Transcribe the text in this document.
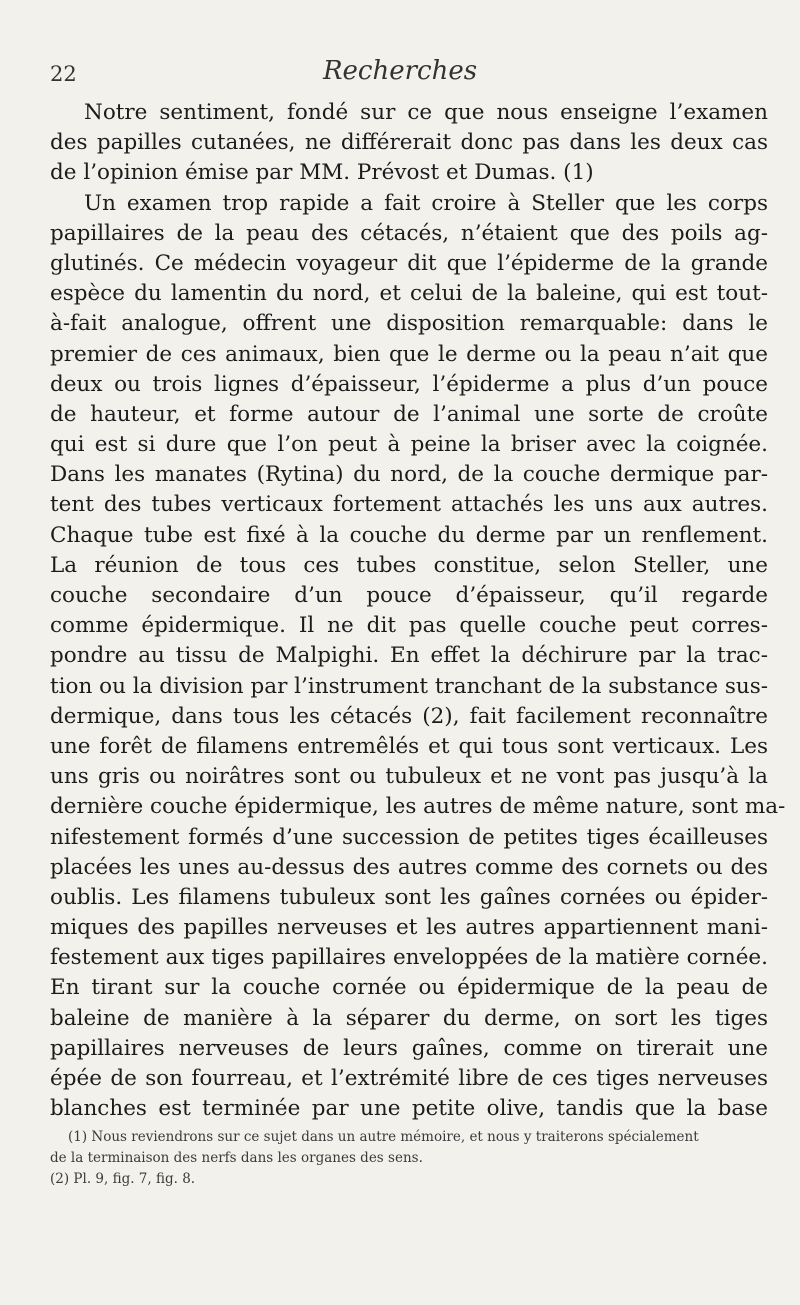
22	Recherches
Notre sentiment, fondé sur ce que nous enseigne l’examen
des papilles cutanées, ne différerait donc pas dans les deux cas
de l’opinion émise par MM. Prévost et Dumas. (1)
Un examen trop rapide a fait croire à Steller que les corps
papillaires de la peau des cétacés, n’étaient que des poils ag-
glutinés. Ce médecin voyageur dit que l’épiderme de la grande
espèce du lamentin du nord, et celui de la baleine, qui est tout-
à-fait analogue, offrent une disposition remarquable: dans le
premier de ces animaux, bien que le derme ou la peau n’ait que
deux ou trois lignes d’épaisseur, l’épiderme a plus d’un pouce
de hauteur, et forme autour de l’animal une sorte de croûte
qui est si dure que l’on peut à peine la briser avec la coignée.
Dans les manates (Rytina) du nord, de la couche dermique par-
tent des tubes verticaux fortement attachés les uns aux autres.
Chaque tube est fixé à la couche du derme par un renflement.
La réunion de tous ces tubes constitue, selon Steller, une
couche secondaire d’un pouce d’épaisseur, qu’il regarde
comme épidermique. Il ne dit pas quelle couche peut corres-
pondre au tissu de Malpighi. En effet la déchirure par la trac-
tion ou la division par l’instrument tranchant de la substance sus-
dermique, dans tous les cétacés (2), fait facilement reconnaître
une forêt de filamens entremêlés et qui tous sont verticaux. Les
uns gris ou noirâtres sont ou tubuleux et ne vont pas jusqu’à la
dernière couche épidermique, les autres de même nature, sont ma-
nifestement formés d’une succession de petites tiges écailleuses
placées les unes au-dessus des autres comme des cornets ou des
oublis. Les filamens tubuleux sont les gaînes cornées ou épider-
miques des papilles nerveuses et les autres appartiennent mani-
festement aux tiges papillaires enveloppées de la matière cornée.
En tirant sur la couche cornée ou épidermique de la peau de
baleine de manière à la séparer du derme, on sort les tiges
papillaires nerveuses de leurs gaînes, comme on tirerait une
épée de son fourreau, et l’extrémité libre de ces tiges nerveuses
blanches est terminée par une petite olive, tandis que la base
(1) Nous reviendrons sur ce sujet dans un autre mémoire, et nous y traiterons spécialement
de la terminaison des nerfs dans les organes des sens.
(2) Pl. 9, fig. 7, fig. 8.
